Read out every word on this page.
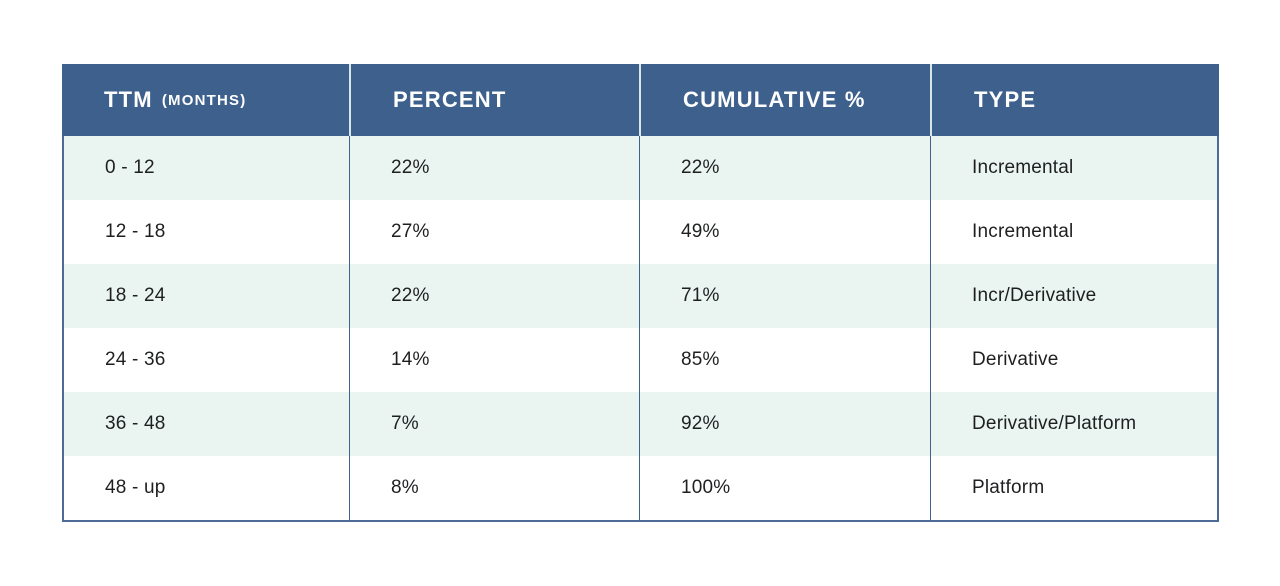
TTM (MONTHS)	PERCENT	CUMULATIVE %	TYPE
0 - 12	22%	22%	Incremental
12 - 18	27%	49%	Incremental
18 - 24	22%	71%	Incr/Derivative
24 - 36	14%	85%	Derivative
36 - 48	7%	92%	Derivative/Platform
48 - up	8%	100%	Platform
